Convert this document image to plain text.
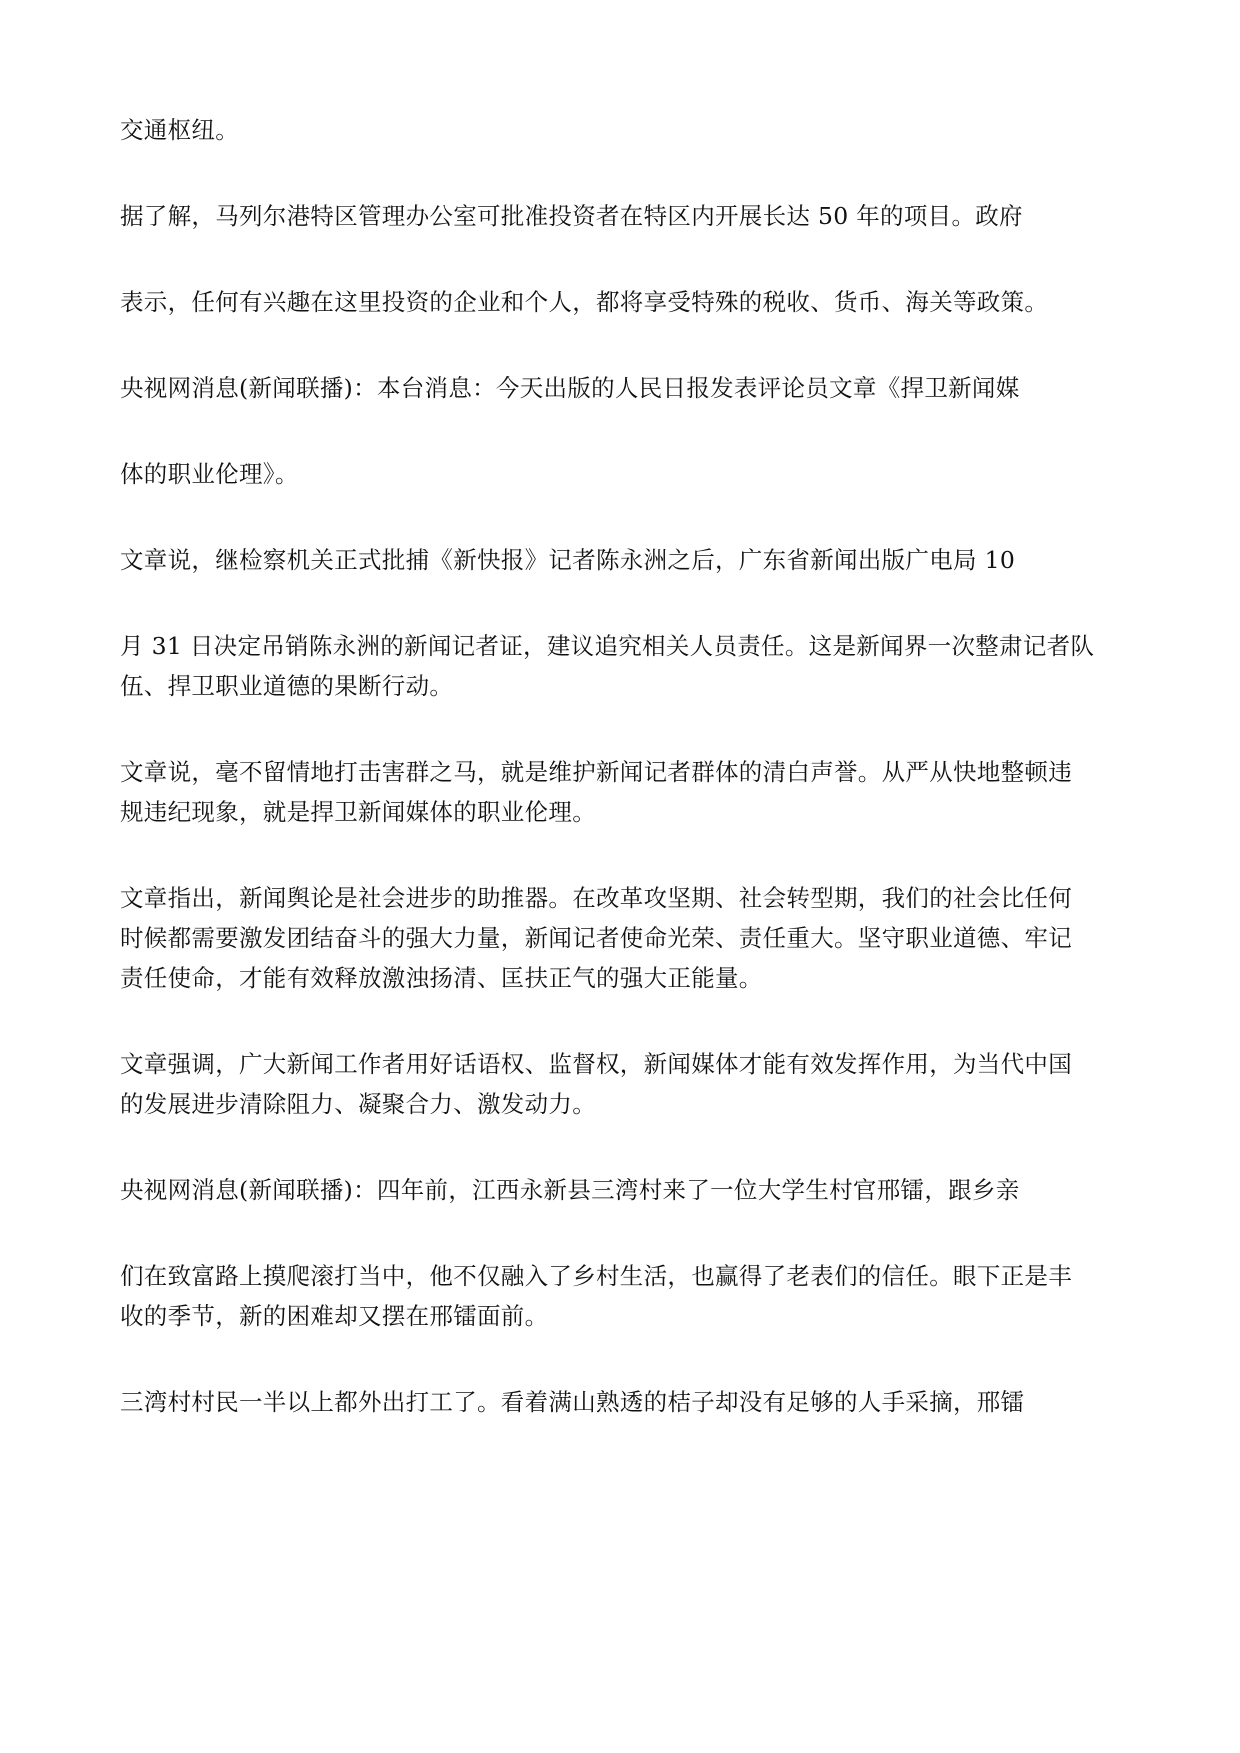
交通枢纽。
据了解，马列尔港特区管理办公室可批准投资者在特区内开展长达 50 年的项目。政府
表示，任何有兴趣在这里投资的企业和个人，都将享受特殊的税收、货币、海关等政策。
央视网消息(新闻联播)：本台消息：今天出版的人民日报发表评论员文章《捍卫新闻媒
体的职业伦理》。
文章说，继检察机关正式批捕《新快报》记者陈永洲之后，广东省新闻出版广电局 10
月 31 日决定吊销陈永洲的新闻记者证，建议追究相关人员责任。这是新闻界一次整肃记者队
伍、捍卫职业道德的果断行动。
文章说，毫不留情地打击害群之马，就是维护新闻记者群体的清白声誉。从严从快地整顿违
规违纪现象，就是捍卫新闻媒体的职业伦理。
文章指出，新闻舆论是社会进步的助推器。在改革攻坚期、社会转型期，我们的社会比任何
时候都需要激发团结奋斗的强大力量，新闻记者使命光荣、责任重大。坚守职业道德、牢记
责任使命，才能有效释放激浊扬清、匡扶正气的强大正能量。
文章强调，广大新闻工作者用好话语权、监督权，新闻媒体才能有效发挥作用，为当代中国
的发展进步清除阻力、凝聚合力、激发动力。
央视网消息(新闻联播)：四年前，江西永新县三湾村来了一位大学生村官邢镭，跟乡亲
们在致富路上摸爬滚打当中，他不仅融入了乡村生活，也赢得了老表们的信任。眼下正是丰
收的季节，新的困难却又摆在邢镭面前。
三湾村村民一半以上都外出打工了。看着满山熟透的桔子却没有足够的人手采摘，邢镭
